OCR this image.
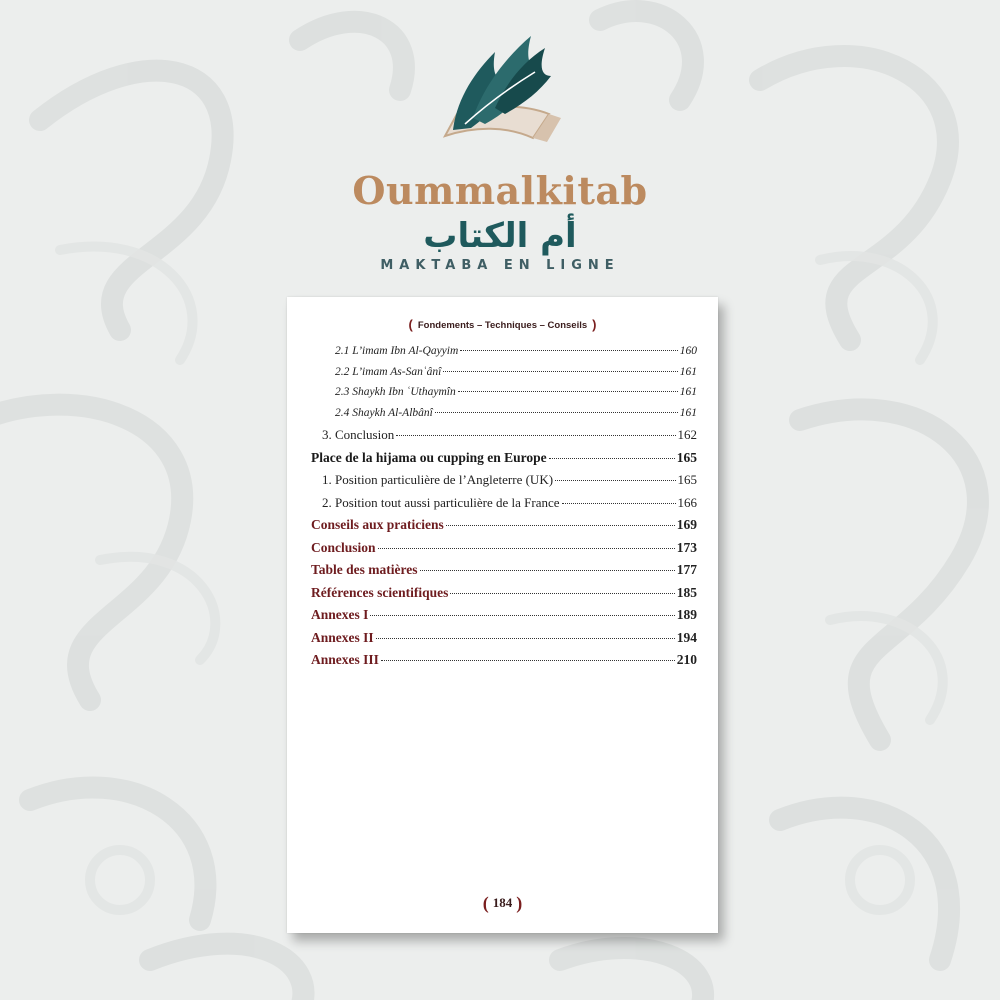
Oummalkitab
أم الكتاب
MAKTABA EN LIGNE
( Fondements – Techniques – Conseils )
2.1 L’imam Ibn Al-Qayyim	160
2.2 L’imam As-Sanʿânî	161
2.3 Shaykh Ibn ʿUthaymîn	161
2.4 Shaykh Al-Albânî	161
3. Conclusion	162
Place de la hijama ou cupping en Europe	165
1. Position particulière de l’Angleterre (UK)	165
2. Position tout aussi particulière de la France	166
Conseils aux praticiens	169
Conclusion	173
Table des matières	177
Références scientifiques	185
Annexes I	189
Annexes II	194
Annexes III	210
( 184 )
